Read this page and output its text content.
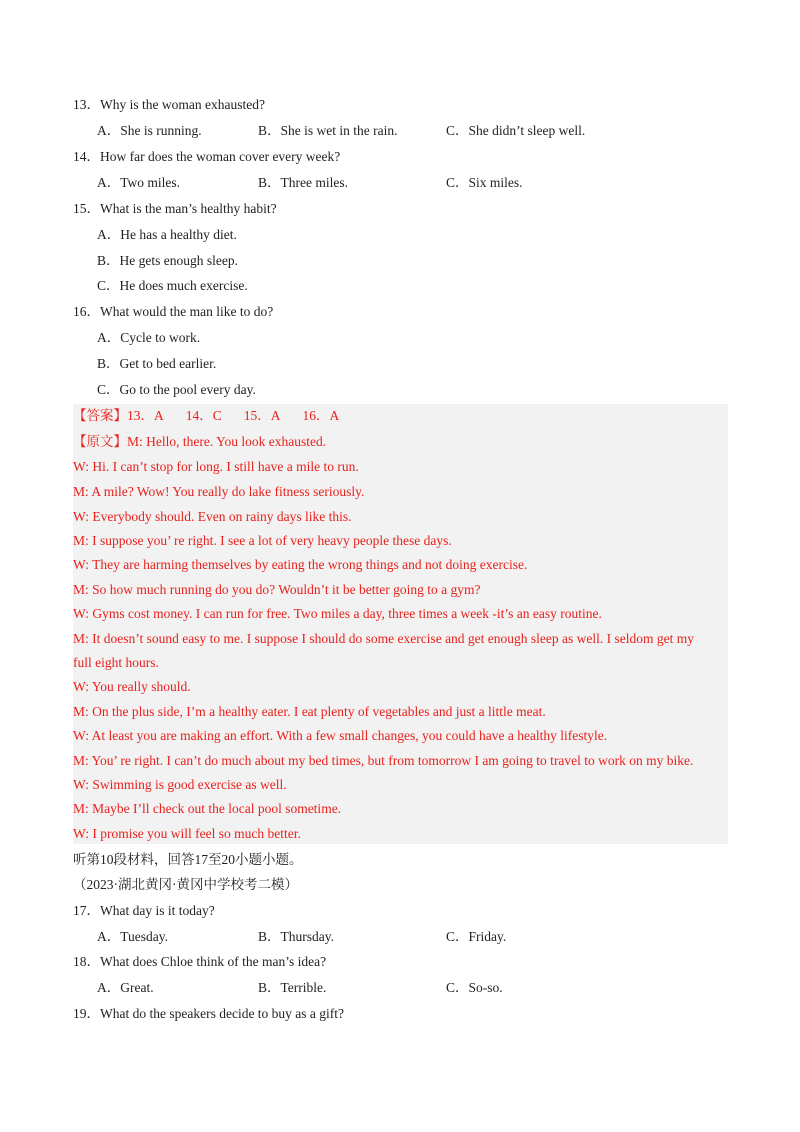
13．Why is the woman exhausted?
A．She is running.	B．She is wet in the rain.	C．She didn’t sleep well.
14．How far does the woman cover every week?
A．Two miles.	B．Three miles.	C．Six miles.
15．What is the man’s healthy habit?
A．He has a healthy diet.
B．He gets enough sleep.
C．He does much exercise.
16．What would the man like to do?
A．Cycle to work.
B．Get to bed earlier.
C．Go to the pool every day.
【答案】13．A 14．C 15．A 16．A
【原文】M: Hello, there. You look exhausted.
W: Hi. I can’t stop for long. I still have a mile to run.
M: A mile? Wow! You really do lake fitness seriously.
W: Everybody should. Even on rainy days like this.
M: I suppose you’ re right. I see a lot of very heavy people these days.
W: They are harming themselves by eating the wrong things and not doing exercise.
M: So how much running do you do? Wouldn’t it be better going to a gym?
W: Gyms cost money. I can run for free. Two miles a day, three times a week -it’s an easy routine.
M: It doesn’t sound easy to me. I suppose I should do some exercise and get enough sleep as well. I seldom get my
full eight hours.
W: You really should.
M: On the plus side, I’m a healthy eater. I eat plenty of vegetables and just a little meat.
W: At least you are making an effort. With a few small changes, you could have a healthy lifestyle.
M: You’ re right. I can’t do much about my bed times, but from tomorrow I am going to travel to work on my bike.
W: Swimming is good exercise as well.
M: Maybe I’ll check out the local pool sometime.
W: I promise you will feel so much better.
听第10段材料，回答17至20小题小题。
（2023·湖北黄冈·黄冈中学校考二模）
17．What day is it today?
A．Tuesday.	B．Thursday.	C．Friday.
18．What does Chloe think of the man’s idea?
A．Great.	B．Terrible.	C．So-so.
19．What do the speakers decide to buy as a gift?
